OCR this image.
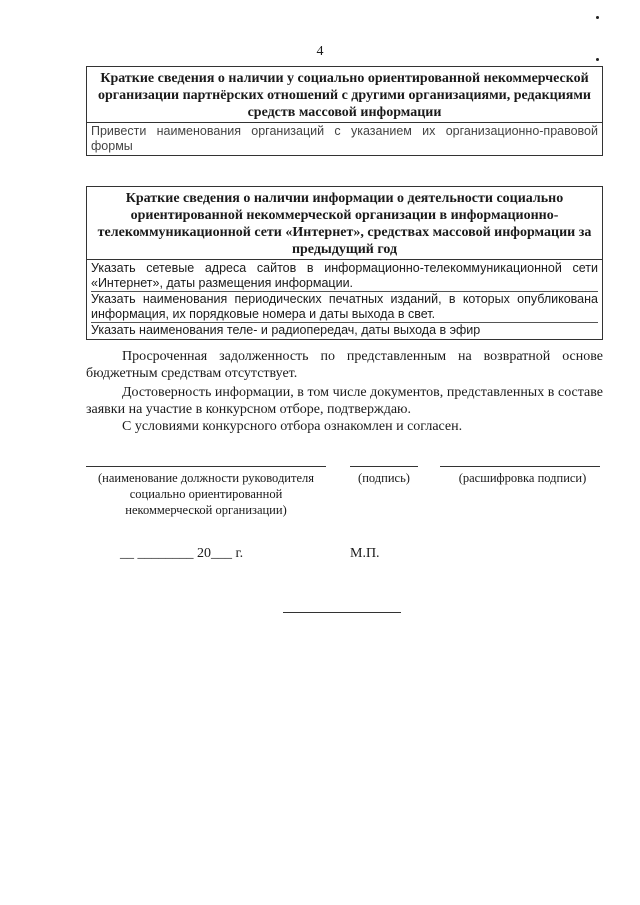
4
Краткие сведения о наличии у социально ориентированной некоммерческой организации партнёрских отношений с другими организациями, редакциями средств массовой информации
Привести наименования организаций с указанием их организационно-правовой формы
Краткие сведения о наличии информации о деятельности социально ориентированной некоммерческой организации в информационно-телекоммуникационной сети «Интернет», средствах массовой информации за предыдущий год
Указать сетевые адреса сайтов в информационно-телекоммуникационной сети «Интернет», даты размещения информации.
Указать наименования периодических печатных изданий, в которых опубликована информация, их порядковые номера и даты выхода в свет.
Указать наименования теле- и радиопередач, даты выхода в эфир
Просроченная задолженность по представленным на возвратной основе бюджетным средствам отсутствует.
Достоверность информации, в том числе документов, представленных в составе заявки на участие в конкурсном отборе, подтверждаю.
С условиями конкурсного отбора ознакомлен и согласен.
(наименование должности руководителя социально ориентированной некоммерческой организации)
(подпись)	(расшифровка подписи)
__ ________ 20___ г.	М.П.
